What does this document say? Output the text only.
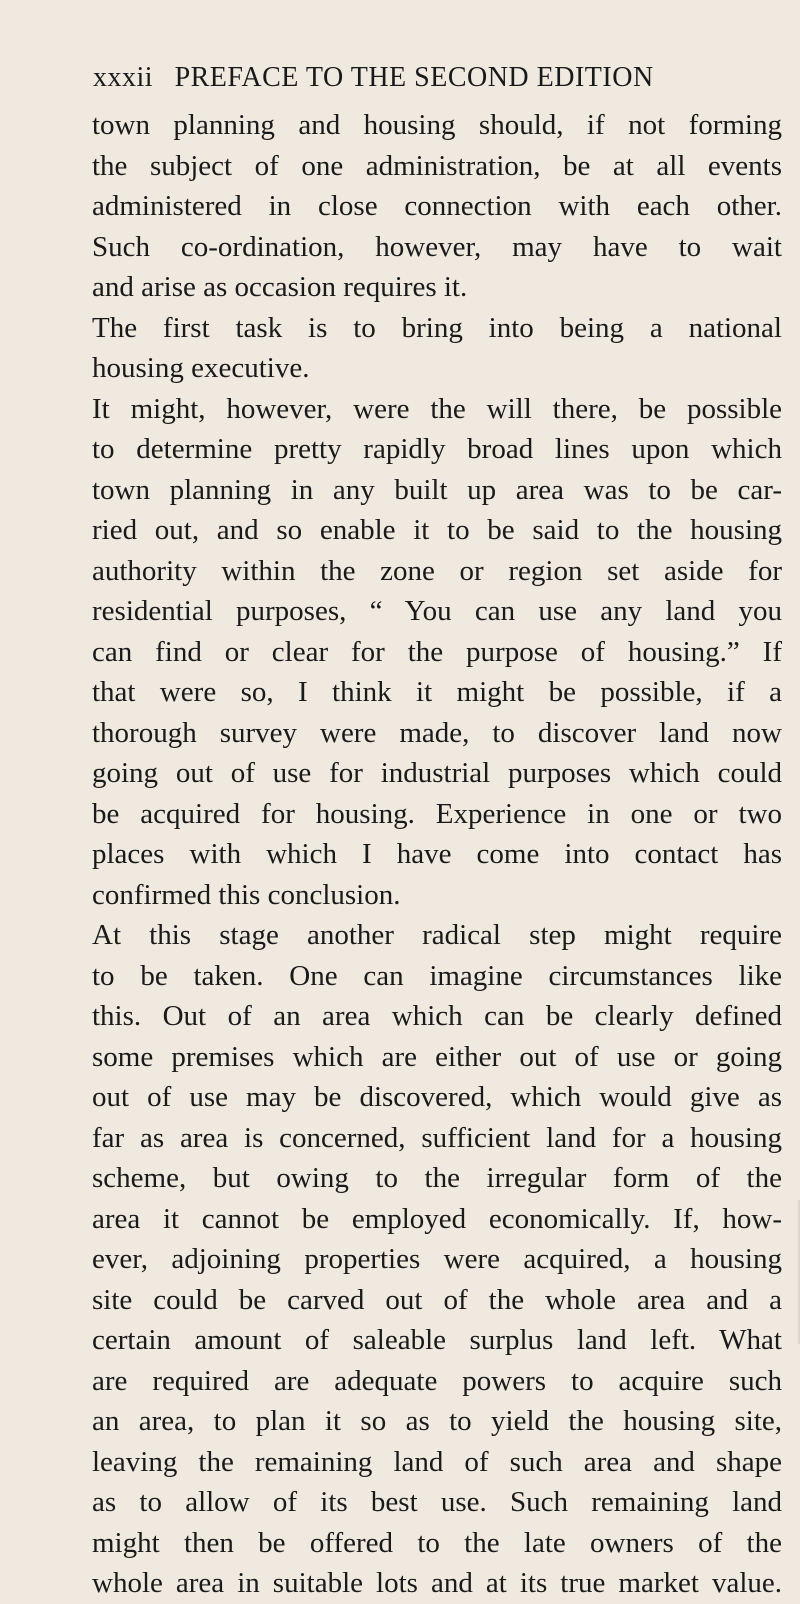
xxxii PREFACE TO THE SECOND EDITION
town planning and housing should, if not forming
the subject of one administration, be at all events
administered in close connection with each other.
Such co-ordination, however, may have to wait
and arise as occasion requires it.
The first task is to bring into being a national
housing executive.
It might, however, were the will there, be possible
to determine pretty rapidly broad lines upon which
town planning in any built up area was to be car-
ried out, and so enable it to be said to the housing
authority within the zone or region set aside for
residential purposes, “ You can use any land you
can find or clear for the purpose of housing.” If
that were so, I think it might be possible, if a
thorough survey were made, to discover land now
going out of use for industrial purposes which could
be acquired for housing. Experience in one or two
places with which I have come into contact has
confirmed this conclusion.
At this stage another radical step might require
to be taken. One can imagine circumstances like
this. Out of an area which can be clearly defined
some premises which are either out of use or going
out of use may be discovered, which would give as
far as area is concerned, sufficient land for a housing
scheme, but owing to the irregular form of the
area it cannot be employed economically. If, how-
ever, adjoining properties were acquired, a housing
site could be carved out of the whole area and a
certain amount of saleable surplus land left. What
are required are adequate powers to acquire such
an area, to plan it so as to yield the housing site,
leaving the remaining land of such area and shape
as to allow of its best use. Such remaining land
might then be offered to the late owners of the
whole area in suitable lots and at its true market value.
